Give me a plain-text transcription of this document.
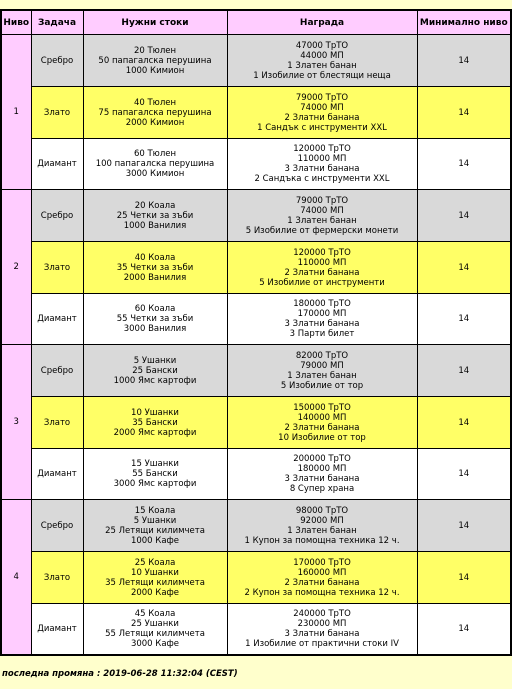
Ниво	Задача	Нужни стоки	Награда	Минимално ниво
1	Сребро	20 Тюлен
50 папагалска перушина
1000 Кимион	47000 ТрТО
44000 МП
1 Златен банан
1 Изобилие от блестящи неща	14
	Злато	40 Тюлен
75 папагалска перушина
2000 Кимион	79000 ТрТО
74000 МП
2 Златни банана
1 Сандък с инструменти XXL	14
	Диамант	60 Тюлен
100 папагалска перушина
3000 Кимион	120000 ТрТО
110000 МП
3 Златни банана
2 Сандъка с инструменти XXL	14
2	Сребро	20 Коала
25 Четки за зъби
1000 Ванилия	79000 ТрТО
74000 МП
1 Златен банан
5 Изобилие от фермерски монети	14
	Злато	40 Коала
35 Четки за зъби
2000 Ванилия	120000 ТрТО
110000 МП
2 Златни банана
5 Изобилие от инструменти	14
	Диамант	60 Коала
55 Четки за зъби
3000 Ванилия	180000 ТрТО
170000 МП
3 Златни банана
3 Парти билет	14
3	Сребро	5 Ушанки
25 Бански
1000 Ямс картофи	82000 ТрТО
79000 МП
1 Златен банан
5 Изобилие от тор	14
	Злато	10 Ушанки
35 Бански
2000 Ямс картофи	150000 ТрТО
140000 МП
2 Златни банана
10 Изобилие от тор	14
	Диамант	15 Ушанки
55 Бански
3000 Ямс картофи	200000 ТрТО
180000 МП
3 Златни банана
8 Супер храна	14
4	Сребро	15 Коала
5 Ушанки
25 Летящи килимчета
1000 Кафе	98000 ТрТО
92000 МП
1 Златен банан
1 Купон за помощна техника 12 ч.	14
	Злато	25 Коала
10 Ушанки
35 Летящи килимчета
2000 Кафе	170000 ТрТО
160000 МП
2 Златни банана
2 Купон за помощна техника 12 ч.	14
	Диамант	45 Коала
25 Ушанки
55 Летящи килимчета
3000 Кафе	240000 ТрТО
230000 МП
3 Златни банана
1 Изобилие от практични стоки IV	14
последна промяна : 2019-06-28 11:32:04 (CEST)
